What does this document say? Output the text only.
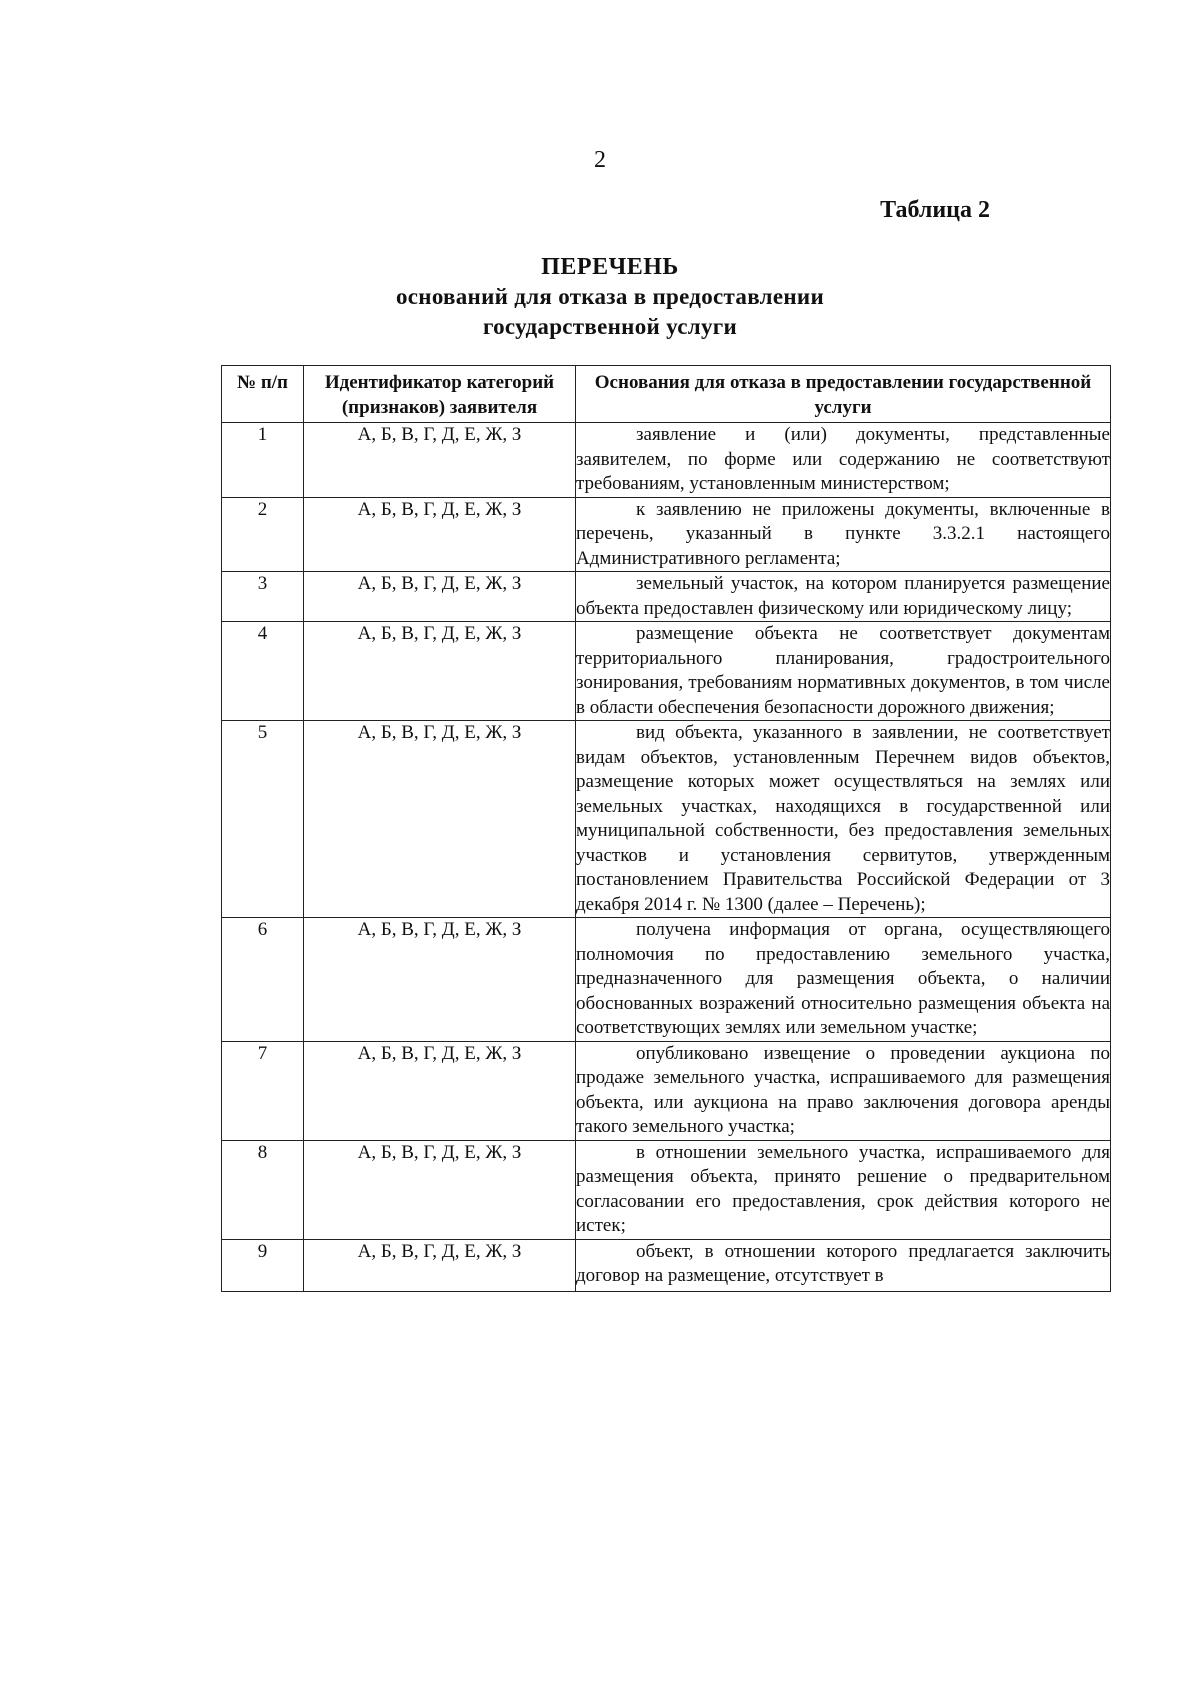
2
Таблица 2
ПЕРЕЧЕНЬ
оснований для отказа в предоставлении
государственной услуги
№ п/п	Идентификатор категорий (признаков) заявителя	Основания для отказа в предоставлении государственной услуги
1	А, Б, В, Г, Д, Е, Ж, З	заявление и (или) документы, представленные заявителем, по форме или содержанию не соответствуют требованиям, установленным министерством;
2	А, Б, В, Г, Д, Е, Ж, З	к заявлению не приложены документы, включенные в перечень, указанный в пункте 3.3.2.1 настоящего Административного регламента;
3	А, Б, В, Г, Д, Е, Ж, З	земельный участок, на котором планируется размещение объекта предоставлен физическому или юридическому лицу;
4	А, Б, В, Г, Д, Е, Ж, З	размещение объекта не соответствует документам территориального планирования, градостроительного зонирования, требованиям нормативных документов, в том числе в области обеспечения безопасности дорожного движения;
5	А, Б, В, Г, Д, Е, Ж, З	вид объекта, указанного в заявлении, не соответствует видам объектов, установленным Перечнем видов объектов, размещение которых может осуществляться на землях или земельных участках, находящихся в государственной или муниципальной собственности, без предоставления земельных участков и установления сервитутов, утвержденным постановлением Правительства Российской Федерации от 3 декабря 2014 г. № 1300 (далее – Перечень);
6	А, Б, В, Г, Д, Е, Ж, З	получена информация от органа, осуществляющего полномочия по предоставлению земельного участка, предназначенного для размещения объекта, о наличии обоснованных возражений относительно размещения объекта на соответствующих землях или земельном участке;
7	А, Б, В, Г, Д, Е, Ж, З	опубликовано извещение о проведении аукциона по продаже земельного участка, испрашиваемого для размещения объекта, или аукциона на право заключения договора аренды такого земельного участка;
8	А, Б, В, Г, Д, Е, Ж, З	в отношении земельного участка, испрашиваемого для размещения объекта, принято решение о предварительном согласовании его предоставления, срок действия которого не истек;
9	А, Б, В, Г, Д, Е, Ж, З	объект, в отношении которого предлагается заключить договор на размещение, отсутствует в
